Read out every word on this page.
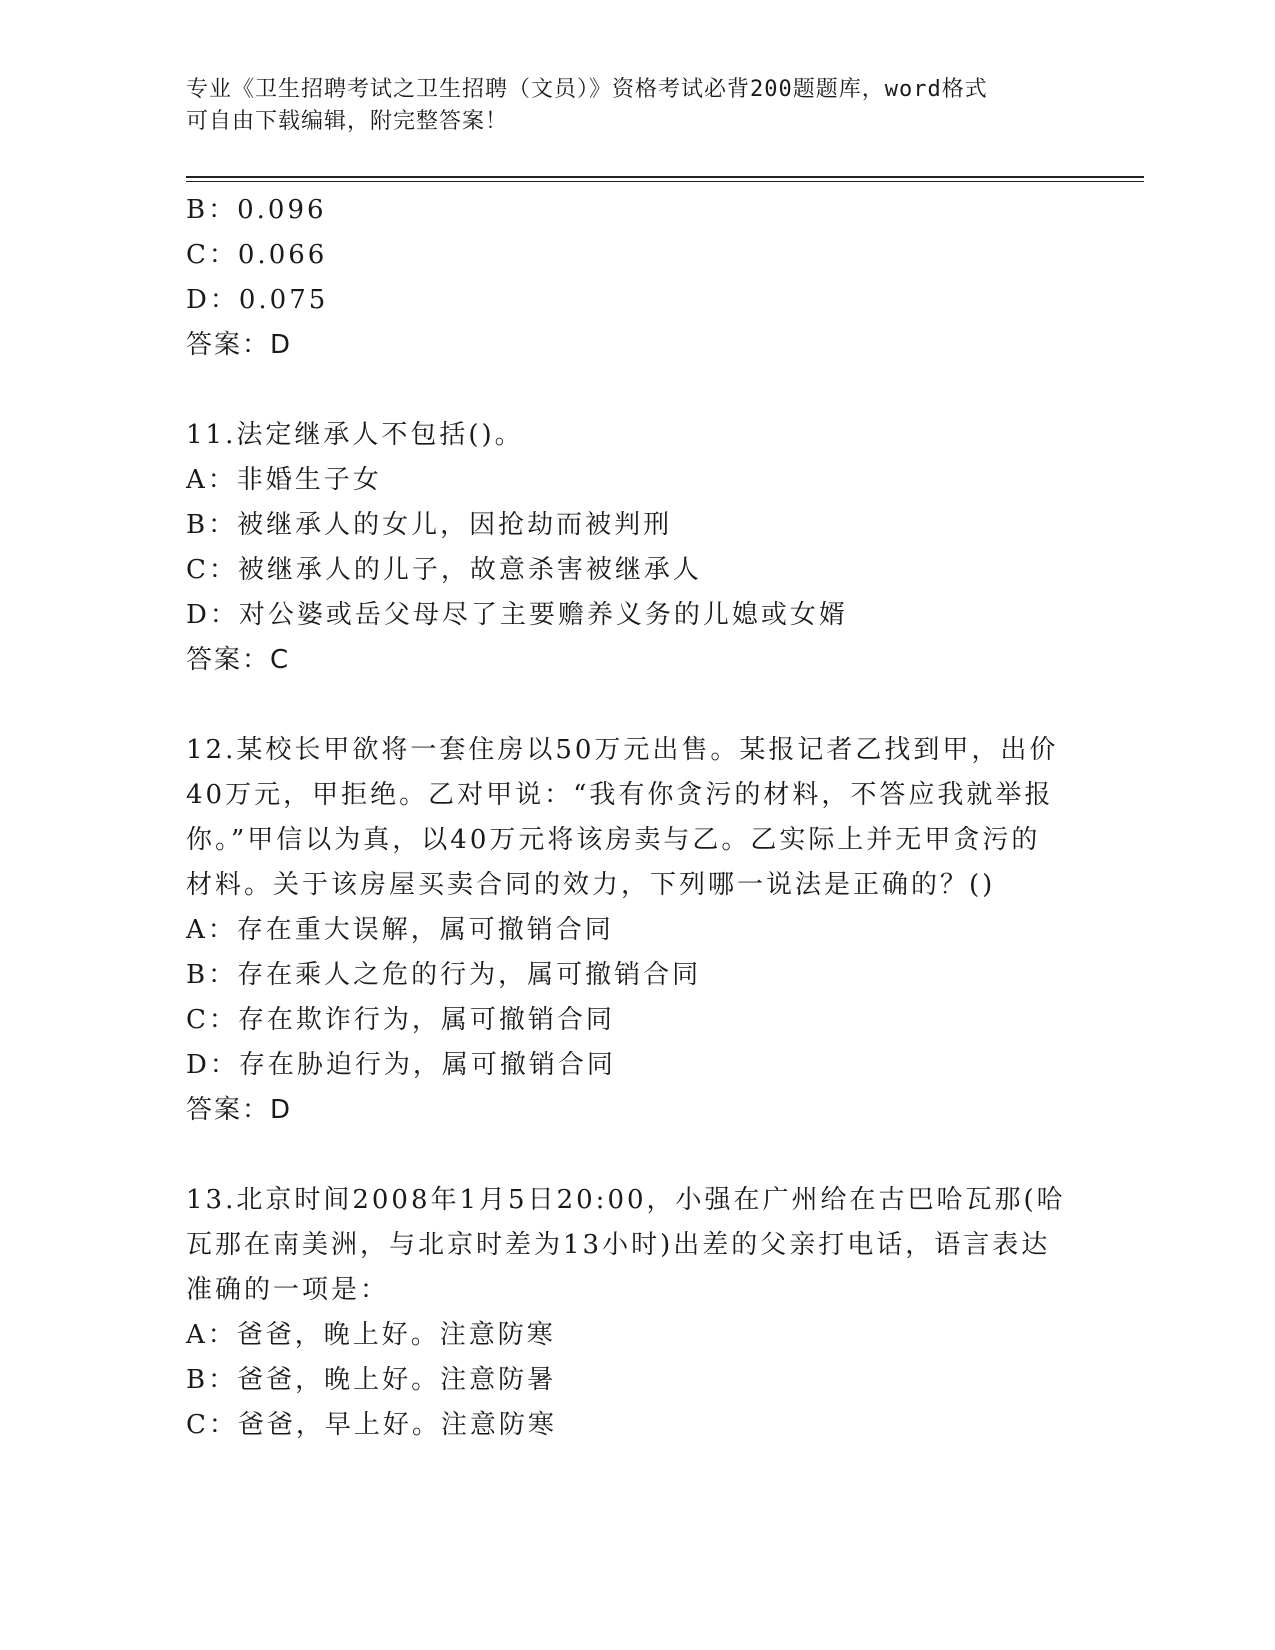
专业《卫生招聘考试之卫生招聘（文员）》资格考试必背200题题库，word格式
可自由下载编辑，附完整答案！
B：0.096
C：0.066
D：0.075
答案：D
11.法定继承人不包括()。
A：非婚生子女
B：被继承人的女儿，因抢劫而被判刑
C：被继承人的儿子，故意杀害被继承人
D：对公婆或岳父母尽了主要赡养义务的儿媳或女婿
答案：C
12.某校长甲欲将一套住房以50万元出售。某报记者乙找到甲，出价
40万元，甲拒绝。乙对甲说：“我有你贪污的材料，不答应我就举报
你。”甲信以为真，以40万元将该房卖与乙。乙实际上并无甲贪污的
材料。关于该房屋买卖合同的效力，下列哪一说法是正确的？()
A：存在重大误解，属可撤销合同
B：存在乘人之危的行为，属可撤销合同
C：存在欺诈行为，属可撤销合同
D：存在胁迫行为，属可撤销合同
答案：D
13.北京时间2008年1月5日20:00，小强在广州给在古巴哈瓦那(哈
瓦那在南美洲，与北京时差为13小时)出差的父亲打电话，语言表达
准确的一项是：
A：爸爸，晚上好。注意防寒
B：爸爸，晚上好。注意防暑
C：爸爸，早上好。注意防寒
